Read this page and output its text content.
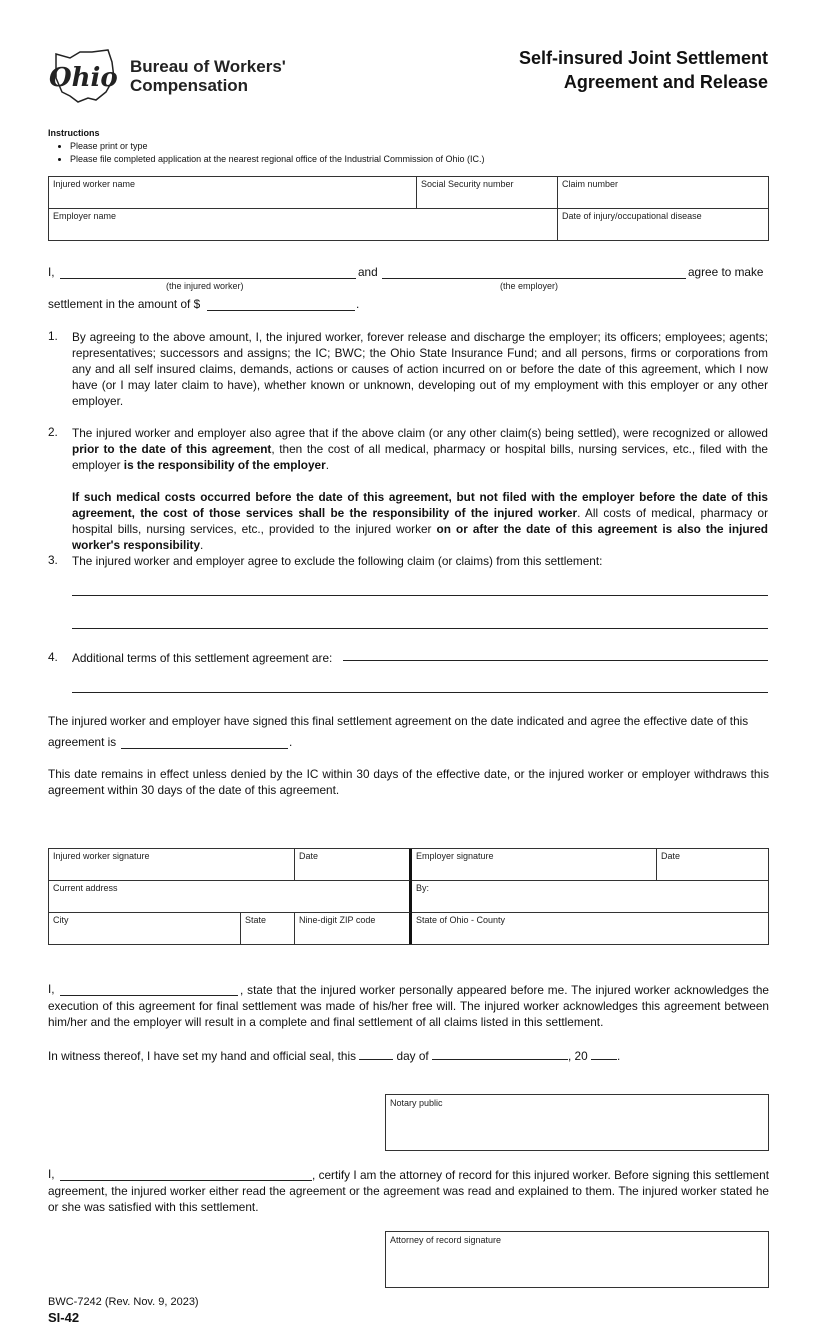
Ohio Bureau of Workers'
Compensation
Self-insured Joint Settlement
Agreement and Release
Instructions
• Please print or type
• Please file completed application at the nearest regional office of the Industrial Commission of Ohio (IC.)
Injured worker name	Social Security number	Claim number
Employer name	Date of injury/occupational disease
I,	and	agree to make
(the injured worker)	(the employer)
settlement in the amount of $	.
1. By agreeing to the above amount, I, the injured worker, forever release and discharge the employer; its officers; employees; agents; representatives; successors and assigns; the IC; BWC; the Ohio State Insurance Fund; and all persons, firms or corporations from any and all self insured claims, demands, actions or causes of action incurred on or before the date of this agreement, which I now have (or I may later claim to have), whether known or unknown, developing out of my employment with this employer or any other employer.
2. The injured worker and employer also agree that if the above claim (or any other claim(s) being settled), were recognized or allowed prior to the date of this agreement, then the cost of all medical, pharmacy or hospital bills, nursing services, etc., filed with the employer is the responsibility of the employer.
If such medical costs occurred before the date of this agreement, but not filed with the employer before the date of this agreement, the cost of those services shall be the responsibility of the injured worker. All costs of medical, pharmacy or hospital bills, nursing services, etc., provided to the injured worker on or after the date of this agreement is also the injured worker's responsibility.
3. The injured worker and employer agree to exclude the following claim (or claims) from this settlement:
4. Additional terms of this settlement agreement are:
The injured worker and employer have signed this final settlement agreement on the date indicated and agree the effective date of this
agreement is	.
This date remains in effect unless denied by the IC within 30 days of the effective date, or the injured worker or employer withdraws this agreement within 30 days of the date of this agreement.
Injured worker signature	Date	Employer signature	Date
Current address	By:
City	State	Nine-digit ZIP code	State of Ohio - County
, state that the injured worker personally appeared before me. The injured worker acknowledges the execution of this agreement for final settlement was made of his/her free will. The injured worker acknowledges this agreement between him/her and the employer will result in a complete and final settlement of all claims listed in this settlement.
I,
In witness thereof, I have set my hand and official seal, this	day of	, 20 .
Notary public
, certify I am the attorney of record for this injured worker. Before signing this settlement agreement, the injured worker either read the agreement or the agreement was read and explained to them. The injured worker stated he or she was satisfied with this settlement.
I,
Attorney of record signature
BWC-7242 (Rev. Nov. 9, 2023)
SI-42
